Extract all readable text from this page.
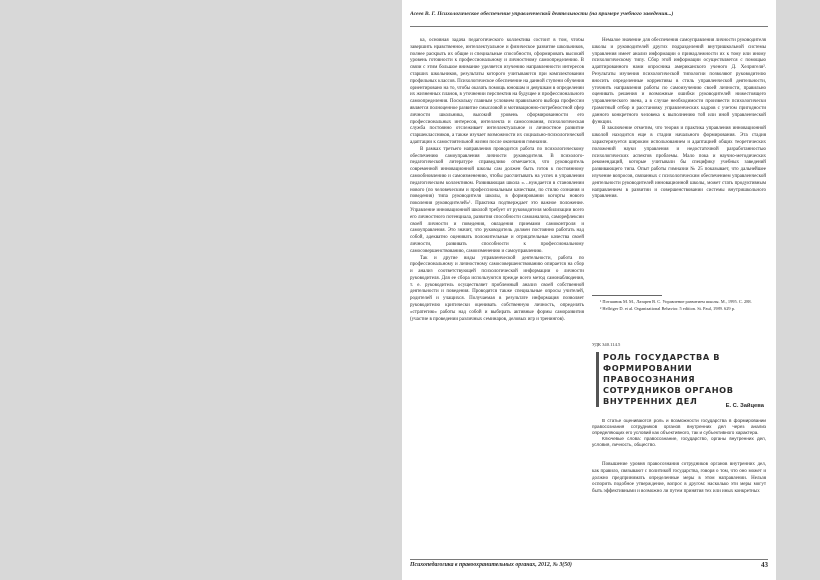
Асеев В. Г. Психологическое обеспечение управленческой деятельности (на примере учебного заведения...)

ка, основная задача педагогического коллектива состоит в том, чтобы завершить нравственное, интеллектуальное и физическое развитие школьников, полнее раскрыть их общие и специальные способности, сформировать высокий уровень готовности к профессиональному и личностному самоопределению. В связи с этим большое внимание уделяется изучению направленности интересов старших школьников, результаты которого учитываются при комплектовании профильных классов. Психологическое обеспечение на данной ступени обучения ориентировано на то, чтобы оказать помощь юношам и девушкам в определении их жизненных планов, в уточнении перспектив на будущее и профессионального самоопределения. Поскольку главным условием правильного выбора профессии является полноценное развитие смысловой и мотивационно-потребностной сфер личности школьника, высокий уровень сформированности его профессиональных интересов, интеллекта и самосознания, психологическая служба постоянно отслеживает интеллектуальное и личностное развитие старшеклассников, а также изучает возможности их социально-психологической адаптации к самостоятельной жизни после окончания гимназии.

В рамках третьего направления проводится работа по психологическому обеспечению самоуправления личности руководителя. В психолого-педагогической литературе справедливо отмечается, что руководитель современной инновационной школы сам должен быть готов к постоянному самообновлению и самоизменению, чтобы рассчитывать на успех в управлении педагогическим коллективом. Развивающая школа «…нуждается в становлении нового (по человеческим и профессиональным качествам, по стилю сознания и поведения) типа руководителя школы, в формировании когорты нового поколения руководителей»¹. Практика подтверждает это важное положение. Управление инновационной школой требует от руководителя мобилизации всего его личностного потенциала, развития способности самоанализа, саморефлексии своей личности и поведения, овладения приемами самоконтроля и самоуправления. Это значит, что руководитель должен постоянно работать над собой, адекватно оценивать положительные и отрицательные качества своей личности, развивать способности к профессиональному самосовершенствованию, самоизменению и самоуправлению.

Так и другие виды управленческой деятельности, работа по профессиональному и личностному самосовершенствованию опирается на сбор и анализ соответствующей психологической информации о личности руководителя. Для ее сбора используются прежде всего метод самонаблюдения, т. е. руководитель осуществляет проблемный анализ своей собственной деятельности и поведения. Проводятся также специальные опросы учителей, родителей и учащихся. Получаемая в результате информация позволяет руководителю критически оценивать собственную личность, определять «стратегию» работы над собой и выбирать активные формы саморазвития (участие в проведении различных семинаров, деловых игр и тренингов).

Немалое значение для обеспечения самоуправления личности руководителя школы и руководителей других подразделений внутришкольной системы управления имеет анализ информации о принадлежности их к тому или иному психологическому типу. Сбор этой информации осуществляется с помощью адаптированного нами опросника американского ученого Д. Хелригеля². Результаты изучения психологической типологии позволяют руководителю вносить определенные коррективы в стиль управленческой деятельности, уточнить направления работы по самоизучению своей личности, правильно оценивать решения и возможные ошибки руководителей нижестоящего управленческого звена, а в случае необходимости произвести психологически грамотный отбор и расстановку управленческих кадров с учетом пригодности данного конкретного человека к выполнению той или иной управленческой функции.

В заключение отметим, что теория и практика управления инновационной школой находится еще в стадии начального формирования. Эта стадия характеризуется широким использованием и адаптацией общих теоретических положений науки управления и недостаточной разработанностью психологических аспектов проблемы. Мало пока и научно-методических рекомендаций, которые учитывали бы специфику учебных заведений развивающего типа. Опыт работы гимназии № 25 показывает, что дальнейшее изучение вопросов, связанных с психологическим обеспечением управленческой деятельности руководителей инновационной школы, может стать продуктивным направлением в развитии и совершенствовании системы внутришкольного управления.

¹ Поташник М. М., Лазарев В. С. Управление развитием школы. М., 1995. С. 288.

² Hellriger D. et al. Organizational Behavior. 5 edition. St. Paul, 1989. 629 p.

УДК 340.114.5
РОЛЬ ГОСУДАРСТВА В ФОРМИРОВАНИИ ПРАВОСОЗНАНИЯ СОТРУДНИКОВ ОРГАНОВ ВНУТРЕННИХ ДЕЛ	Е. С. Зайцева

В статье оцениваются роль и возможности государства в формировании правосознания сотрудников органов внутренних дел через анализ определяющих его условий как объективного, так и субъективного характера.

Ключевые слова: правосознание, государство, органы внутренних дел, условия, личность, общество.

Повышение уровня правосознания сотрудников органов внутренних дел, как правило, связывают с политикой государства, говоря о том, что оно может и должно предпринимать определенные меры в этом направлении. Нельзя оспорить подобное утверждение, вопрос в другом: насколько эти меры могут быть эффективными и возможно ли путем принятия тех или иных конкретных

Психопедагогика в правоохранительных органах, 2012, № 3(50)	43
